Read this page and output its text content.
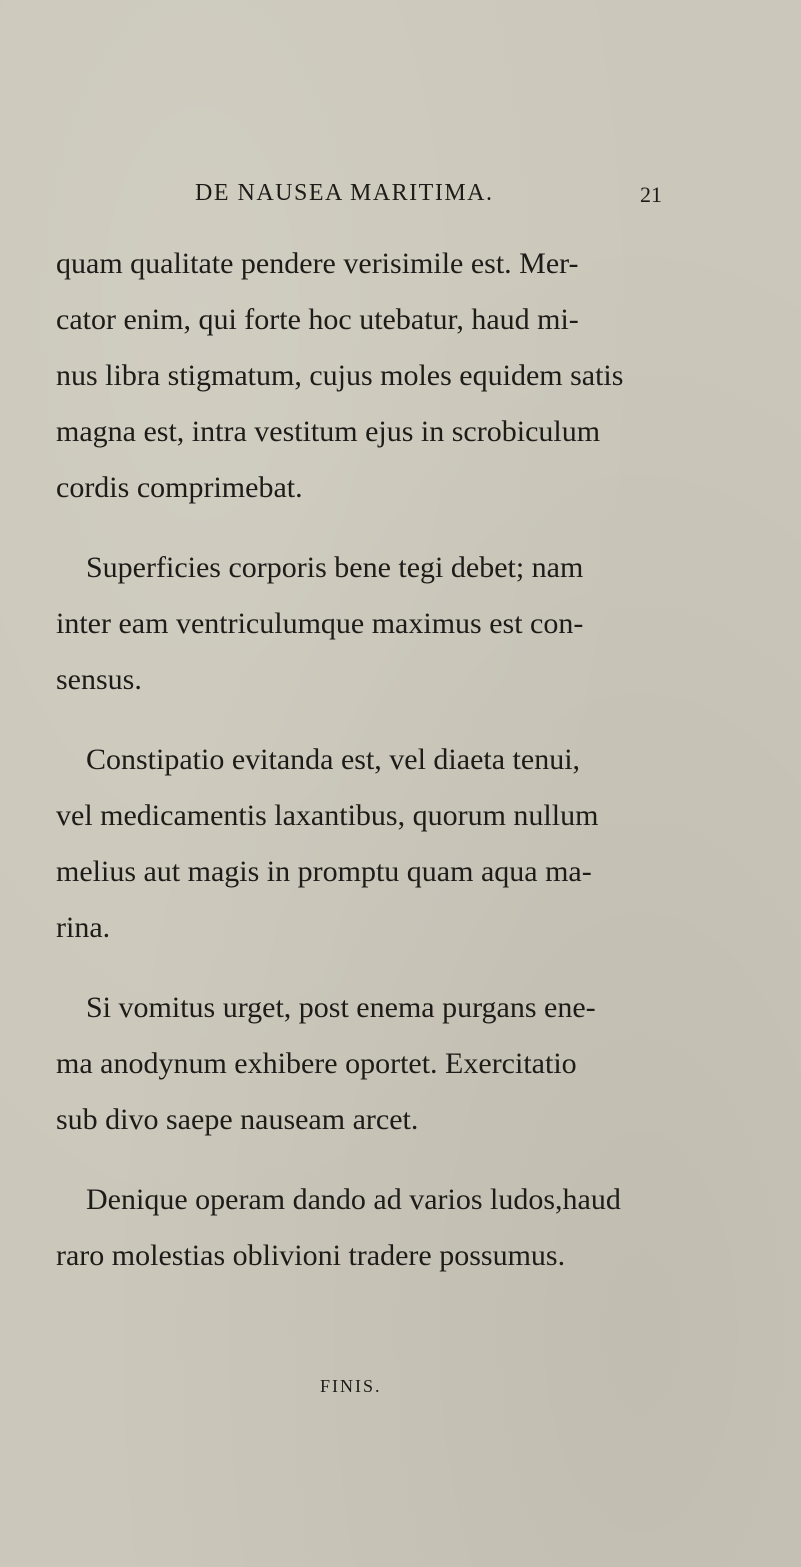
DE NAUSEA MARITIMA.	21

quam qualitate pendere verisimile est. Mer-
cator enim, qui forte hoc utebatur, haud mi-
nus libra stigmatum, cujus moles equidem satis
magna est, intra vestitum ejus in scrobiculum
cordis comprimebat.

Superficies corporis bene tegi debet; nam
inter eam ventriculumque maximus est con-
sensus.

Constipatio evitanda est, vel diaeta tenui,
vel medicamentis laxantibus, quorum nullum
melius aut magis in promptu quam aqua ma-
rina.

Si vomitus urget, post enema purgans ene-
ma anodynum exhibere oportet. Exercitatio
sub divo saepe nauseam arcet.

Denique operam dando ad varios ludos,haud
raro molestias oblivioni tradere possumus.

FINIS.
